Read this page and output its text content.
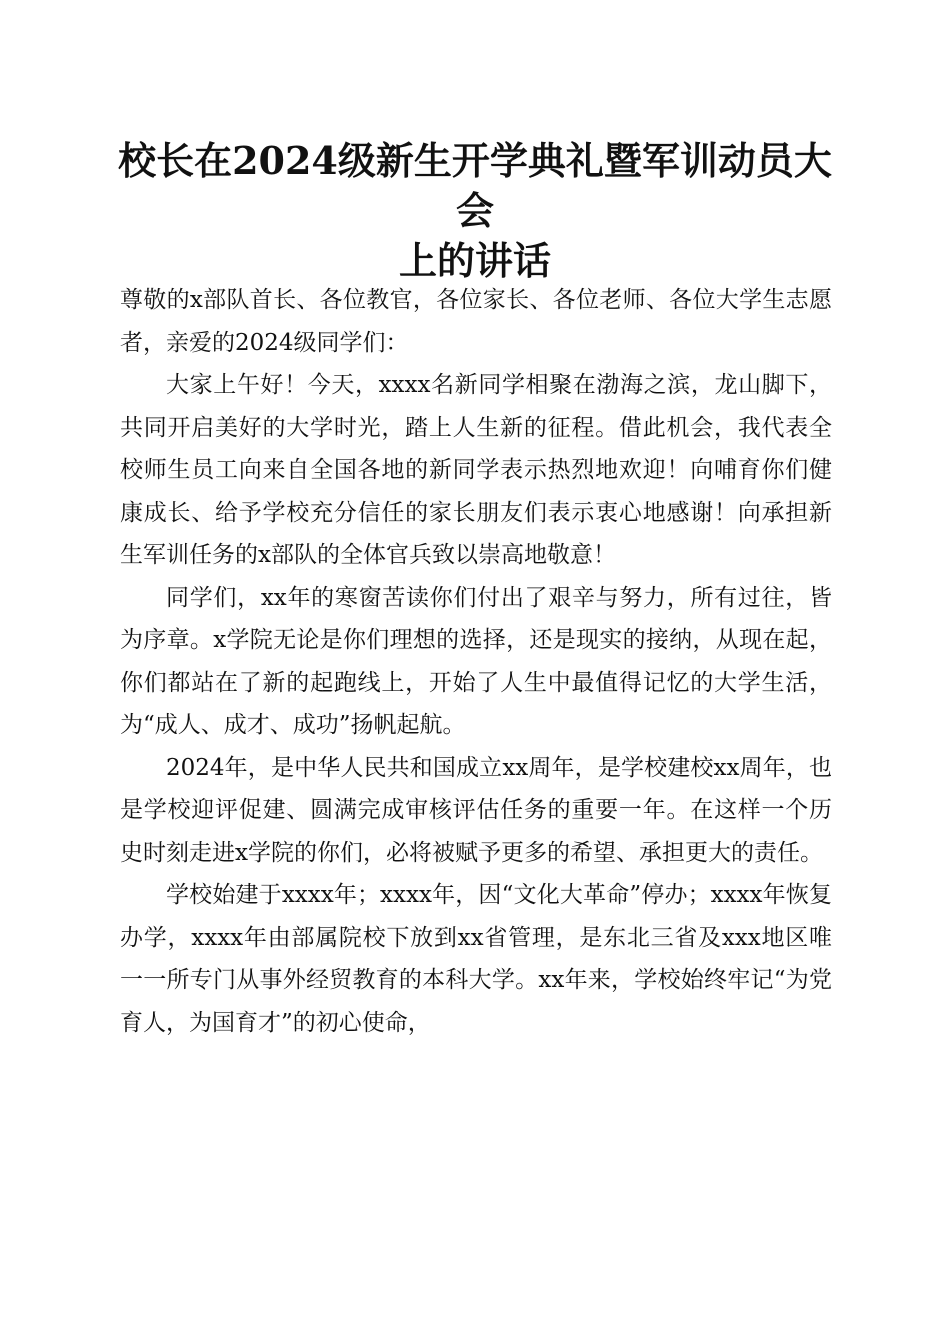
校长在2024级新生开学典礼暨军训动员大会
上的讲话

尊敬的x部队首长、各位教官，各位家长、各位老师、各位大学生志愿者，亲爱的2024级同学们：

大家上午好！今天，xxxx名新同学相聚在渤海之滨，龙山脚下，共同开启美好的大学时光，踏上人生新的征程。借此机会，我代表全校师生员工向来自全国各地的新同学表示热烈地欢迎！向哺育你们健康成长、给予学校充分信任的家长朋友们表示衷心地感谢！向承担新生军训任务的x部队的全体官兵致以崇高地敬意！

同学们，xx年的寒窗苦读你们付出了艰辛与努力，所有过往，皆为序章。x学院无论是你们理想的选择，还是现实的接纳，从现在起，你们都站在了新的起跑线上，开始了人生中最值得记忆的大学生活，为“成人、成才、成功”扬帆起航。

2024年，是中华人民共和国成立xx周年，是学校建校xx周年，也是学校迎评促建、圆满完成审核评估任务的重要一年。在这样一个历史时刻走进x学院的你们，必将被赋予更多的希望、承担更大的责任。

学校始建于xxxx年；xxxx年，因“文化大革命”停办；xxxx年恢复办学，xxxx年由部属院校下放到xx省管理，是东北三省及xxx地区唯一一所专门从事外经贸教育的本科大学。xx年来，学校始终牢记“为党育人，为国育才”的初心使命，
